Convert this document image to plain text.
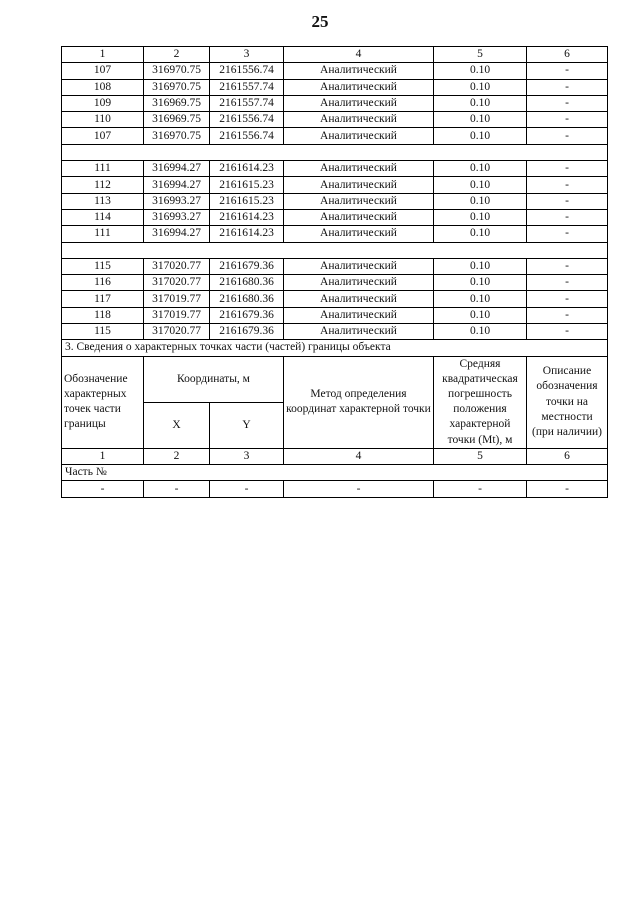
25
1	2	3	4	5	6
107	316970.75	2161556.74	Аналитический	0.10	-
108	316970.75	2161557.74	Аналитический	0.10	-
109	316969.75	2161557.74	Аналитический	0.10	-
110	316969.75	2161556.74	Аналитический	0.10	-
107	316970.75	2161556.74	Аналитический	0.10	-

111	316994.27	2161614.23	Аналитический	0.10	-
112	316994.27	2161615.23	Аналитический	0.10	-
113	316993.27	2161615.23	Аналитический	0.10	-
114	316993.27	2161614.23	Аналитический	0.10	-
111	316994.27	2161614.23	Аналитический	0.10	-

115	317020.77	2161679.36	Аналитический	0.10	-
116	317020.77	2161680.36	Аналитический	0.10	-
117	317019.77	2161680.36	Аналитический	0.10	-
118	317019.77	2161679.36	Аналитический	0.10	-
115	317020.77	2161679.36	Аналитический	0.10	-
3. Сведения о характерных точках части (частей) границы объекта					
Обозначение характерных точек части границы	Координаты, м		Метод определения координат характерной точки	Средняя квадратическая погрешность положения характерной точки (Mt), м	Описание обозначения точки на местности (при наличии)
	X	Y			
1	2	3	4	5	6
Часть №					
-	-	-	-	-	-
